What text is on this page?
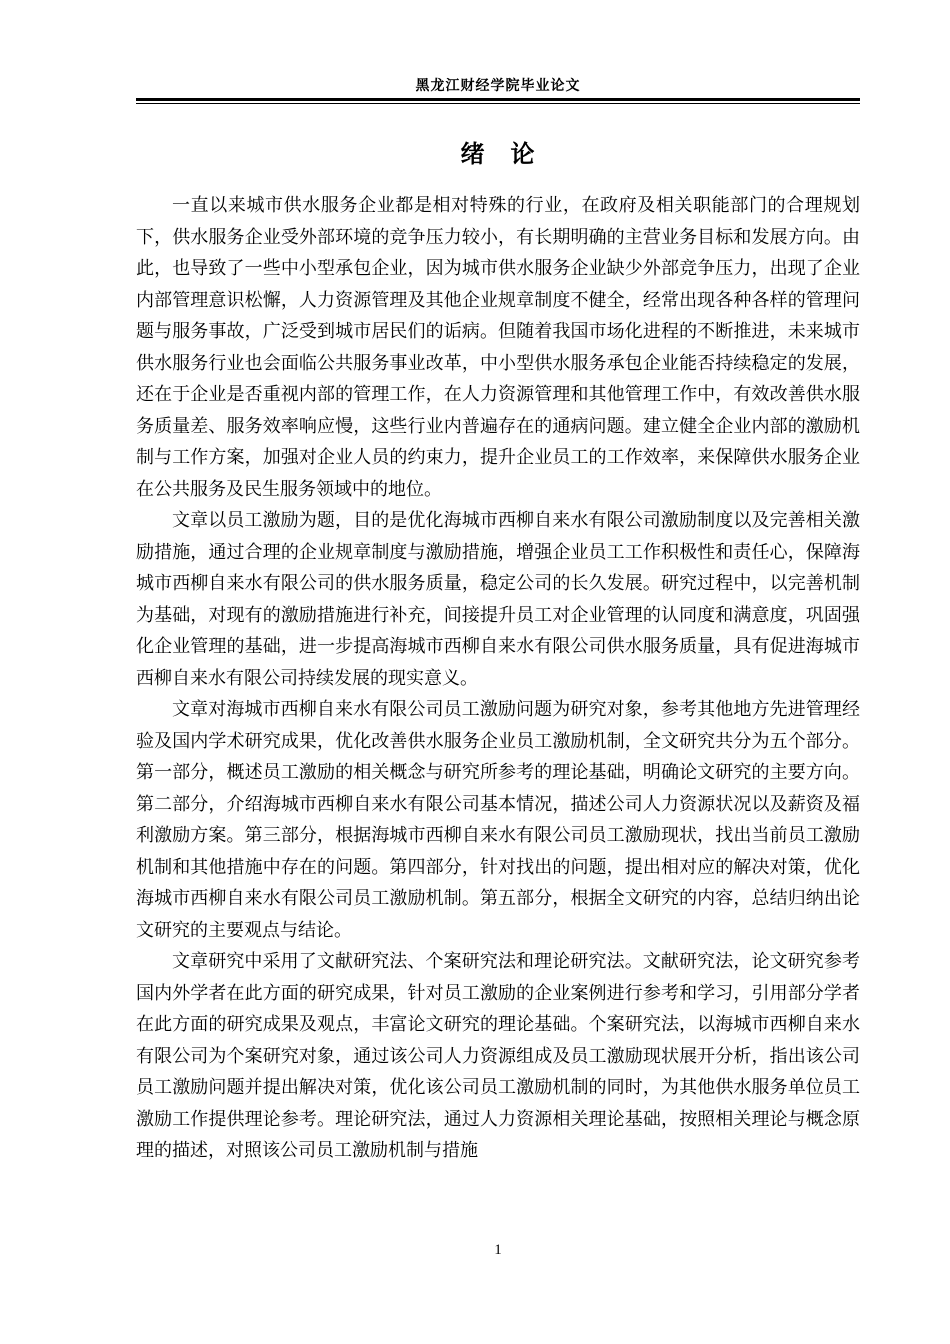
黑龙江财经学院毕业论文
绪　论

一直以来城市供水服务企业都是相对特殊的行业，在政府及相关职能部门的合理规划下，供水服务企业受外部环境的竞争压力较小，有长期明确的主营业务目标和发展方向。由此，也导致了一些中小型承包企业，因为城市供水服务企业缺少外部竞争压力，出现了企业内部管理意识松懈，人力资源管理及其他企业规章制度不健全，经常出现各种各样的管理问题与服务事故，广泛受到城市居民们的诟病。但随着我国市场化进程的不断推进，未来城市供水服务行业也会面临公共服务事业改革，中小型供水服务承包企业能否持续稳定的发展，还在于企业是否重视内部的管理工作，在人力资源管理和其他管理工作中，有效改善供水服务质量差、服务效率响应慢，这些行业内普遍存在的通病问题。建立健全企业内部的激励机制与工作方案，加强对企业人员的约束力，提升企业员工的工作效率，来保障供水服务企业在公共服务及民生服务领域中的地位。

文章以员工激励为题，目的是优化海城市西柳自来水有限公司激励制度以及完善相关激励措施，通过合理的企业规章制度与激励措施，增强企业员工工作积极性和责任心，保障海城市西柳自来水有限公司的供水服务质量，稳定公司的长久发展。研究过程中，以完善机制为基础，对现有的激励措施进行补充，间接提升员工对企业管理的认同度和满意度，巩固强化企业管理的基础，进一步提高海城市西柳自来水有限公司供水服务质量，具有促进海城市西柳自来水有限公司持续发展的现实意义。

文章对海城市西柳自来水有限公司员工激励问题为研究对象，参考其他地方先进管理经验及国内学术研究成果，优化改善供水服务企业员工激励机制，全文研究共分为五个部分。第一部分，概述员工激励的相关概念与研究所参考的理论基础，明确论文研究的主要方向。第二部分，介绍海城市西柳自来水有限公司基本情况，描述公司人力资源状况以及薪资及福利激励方案。第三部分，根据海城市西柳自来水有限公司员工激励现状，找出当前员工激励机制和其他措施中存在的问题。第四部分，针对找出的问题，提出相对应的解决对策，优化海城市西柳自来水有限公司员工激励机制。第五部分，根据全文研究的内容，总结归纳出论文研究的主要观点与结论。

文章研究中采用了文献研究法、个案研究法和理论研究法。文献研究法，论文研究参考国内外学者在此方面的研究成果，针对员工激励的企业案例进行参考和学习，引用部分学者在此方面的研究成果及观点，丰富论文研究的理论基础。个案研究法，以海城市西柳自来水有限公司为个案研究对象，通过该公司人力资源组成及员工激励现状展开分析，指出该公司员工激励问题并提出解决对策，优化该公司员工激励机制的同时，为其他供水服务单位员工激励工作提供理论参考。理论研究法，通过人力资源相关理论基础，按照相关理论与概念原理的描述，对照该公司员工激励机制与措施

1
